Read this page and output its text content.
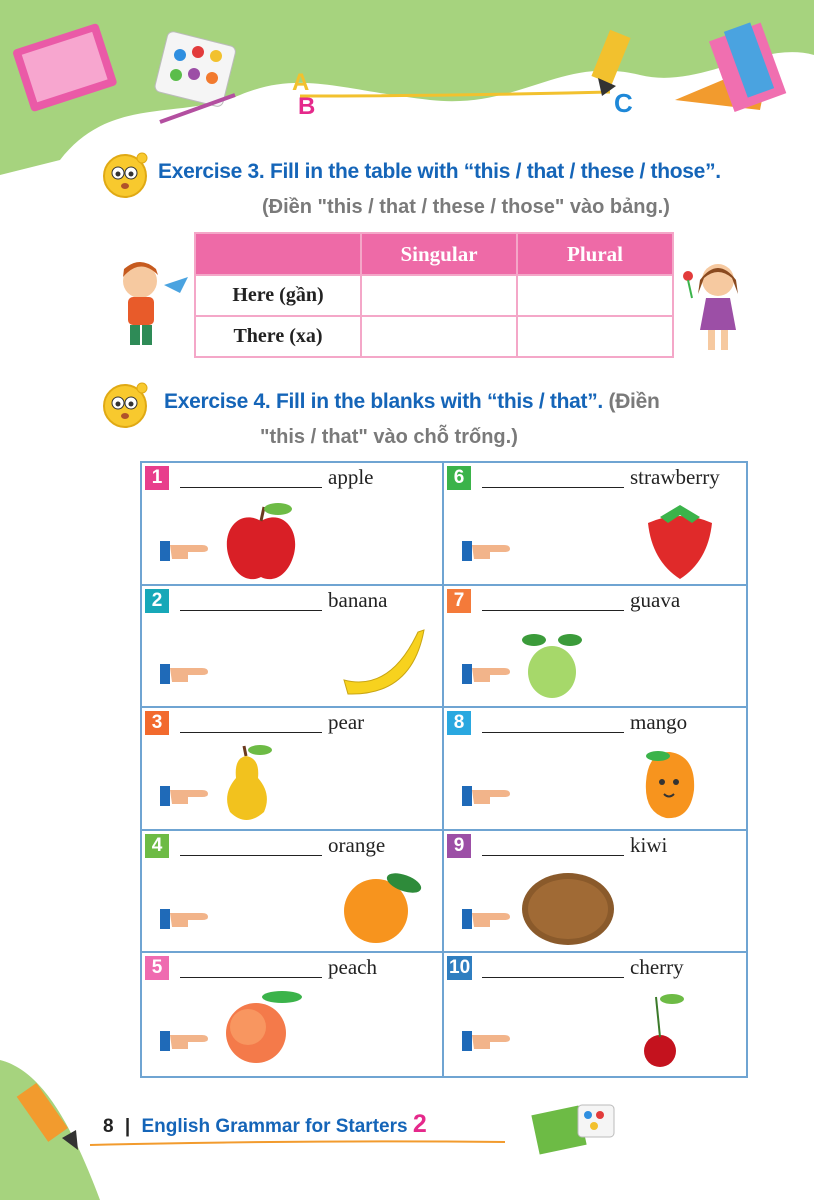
A
B	C
Exercise 3. Fill in the table with “this / that / these / those”.
(Điền "this / that / these / those" vào bảng.)
	Singular	Plural
Here (gần)		
There (xa)		
Exercise 4. Fill in the blanks with “this / that”. (Điền
"this / that" vào chỗ trống.)
1	apple	6	strawberry
2	banana	7	guava
3	pear	8	mango
4	orange	9	kiwi
5	peach	10	cherry
8 | English Grammar for Starters 2
